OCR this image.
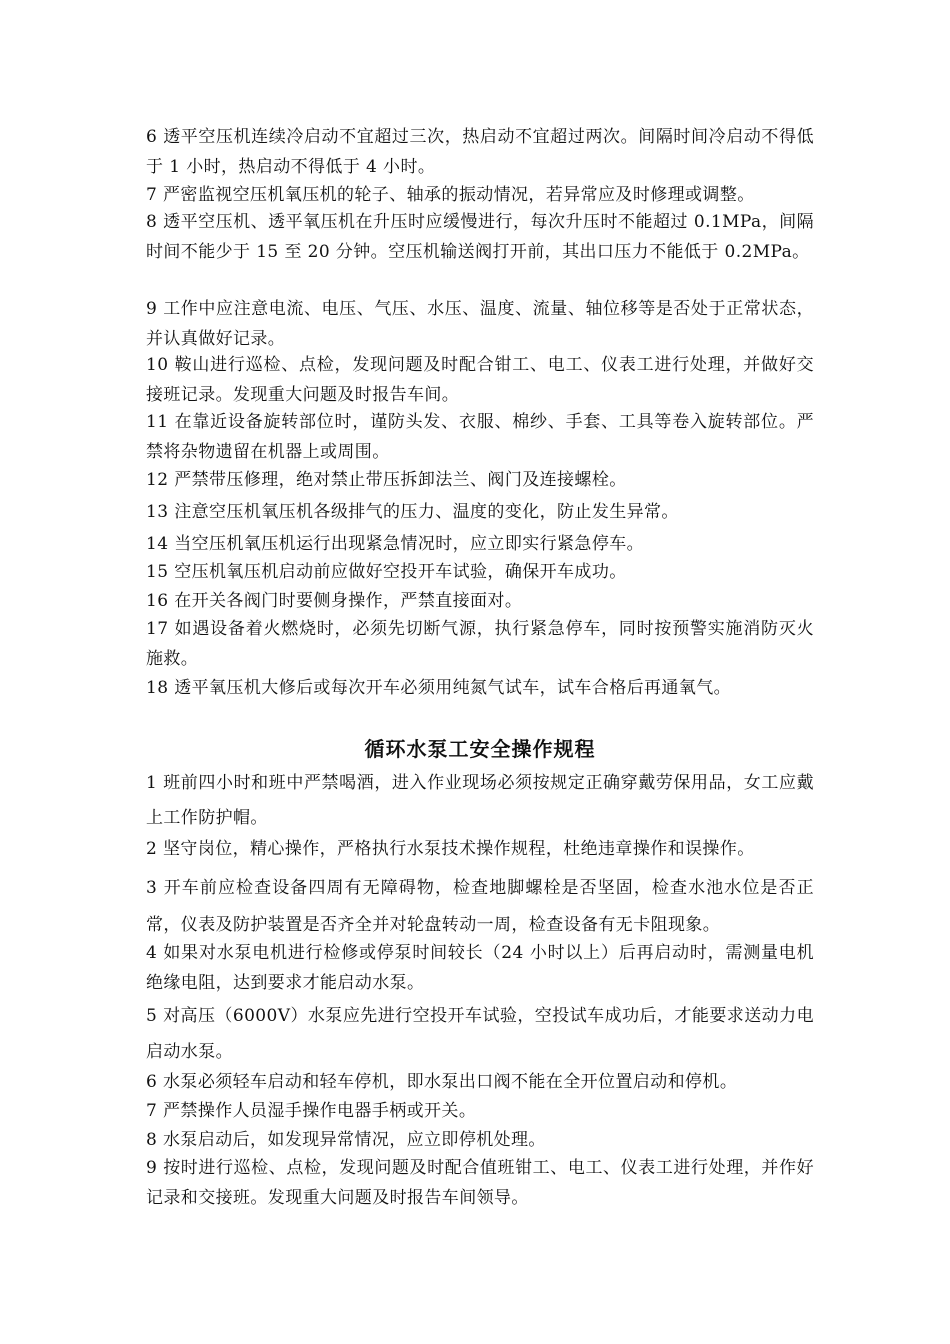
6 透平空压机连续冷启动不宜超过三次，热启动不宜超过两次。间隔时间冷启动不得低于 1 小时，热启动不得低于 4 小时。

7 严密监视空压机氧压机的轮子、轴承的振动情况，若异常应及时修理或调整。

8 透平空压机、透平氧压机在升压时应缓慢进行，每次升压时不能超过 0.1MPa，间隔时间不能少于 15 至 20 分钟。空压机输送阀打开前，其出口压力不能低于 0.2MPa。

9 工作中应注意电流、电压、气压、水压、温度、流量、轴位移等是否处于正常状态，并认真做好记录。

10 鞍山进行巡检、点检，发现问题及时配合钳工、电工、仪表工进行处理，并做好交接班记录。发现重大问题及时报告车间。

11 在靠近设备旋转部位时，谨防头发、衣服、棉纱、手套、工具等卷入旋转部位。严禁将杂物遗留在机器上或周围。

12 严禁带压修理，绝对禁止带压拆卸法兰、阀门及连接螺栓。

13 注意空压机氧压机各级排气的压力、温度的变化，防止发生异常。

14 当空压机氧压机运行出现紧急情况时，应立即实行紧急停车。

15 空压机氧压机启动前应做好空投开车试验，确保开车成功。

16 在开关各阀门时要侧身操作，严禁直接面对。

17 如遇设备着火燃烧时，必须先切断气源，执行紧急停车，同时按预警实施消防灭火施救。

18 透平氧压机大修后或每次开车必须用纯氮气试车，试车合格后再通氧气。

循环水泵工安全操作规程

1 班前四小时和班中严禁喝酒，进入作业现场必须按规定正确穿戴劳保用品，女工应戴上工作防护帽。

2 坚守岗位，精心操作，严格执行水泵技术操作规程，杜绝违章操作和误操作。

3 开车前应检查设备四周有无障碍物，检查地脚螺栓是否坚固，检查水池水位是否正常，仪表及防护装置是否齐全并对轮盘转动一周，检查设备有无卡阻现象。

4 如果对水泵电机进行检修或停泵时间较长（24 小时以上）后再启动时，需测量电机绝缘电阻，达到要求才能启动水泵。

5 对高压（6000V）水泵应先进行空投开车试验，空投试车成功后，才能要求送动力电启动水泵。

6 水泵必须轻车启动和轻车停机，即水泵出口阀不能在全开位置启动和停机。

7 严禁操作人员湿手操作电器手柄或开关。

8 水泵启动后，如发现异常情况，应立即停机处理。

9 按时进行巡检、点检，发现问题及时配合值班钳工、电工、仪表工进行处理，并作好记录和交接班。发现重大问题及时报告车间领导。
